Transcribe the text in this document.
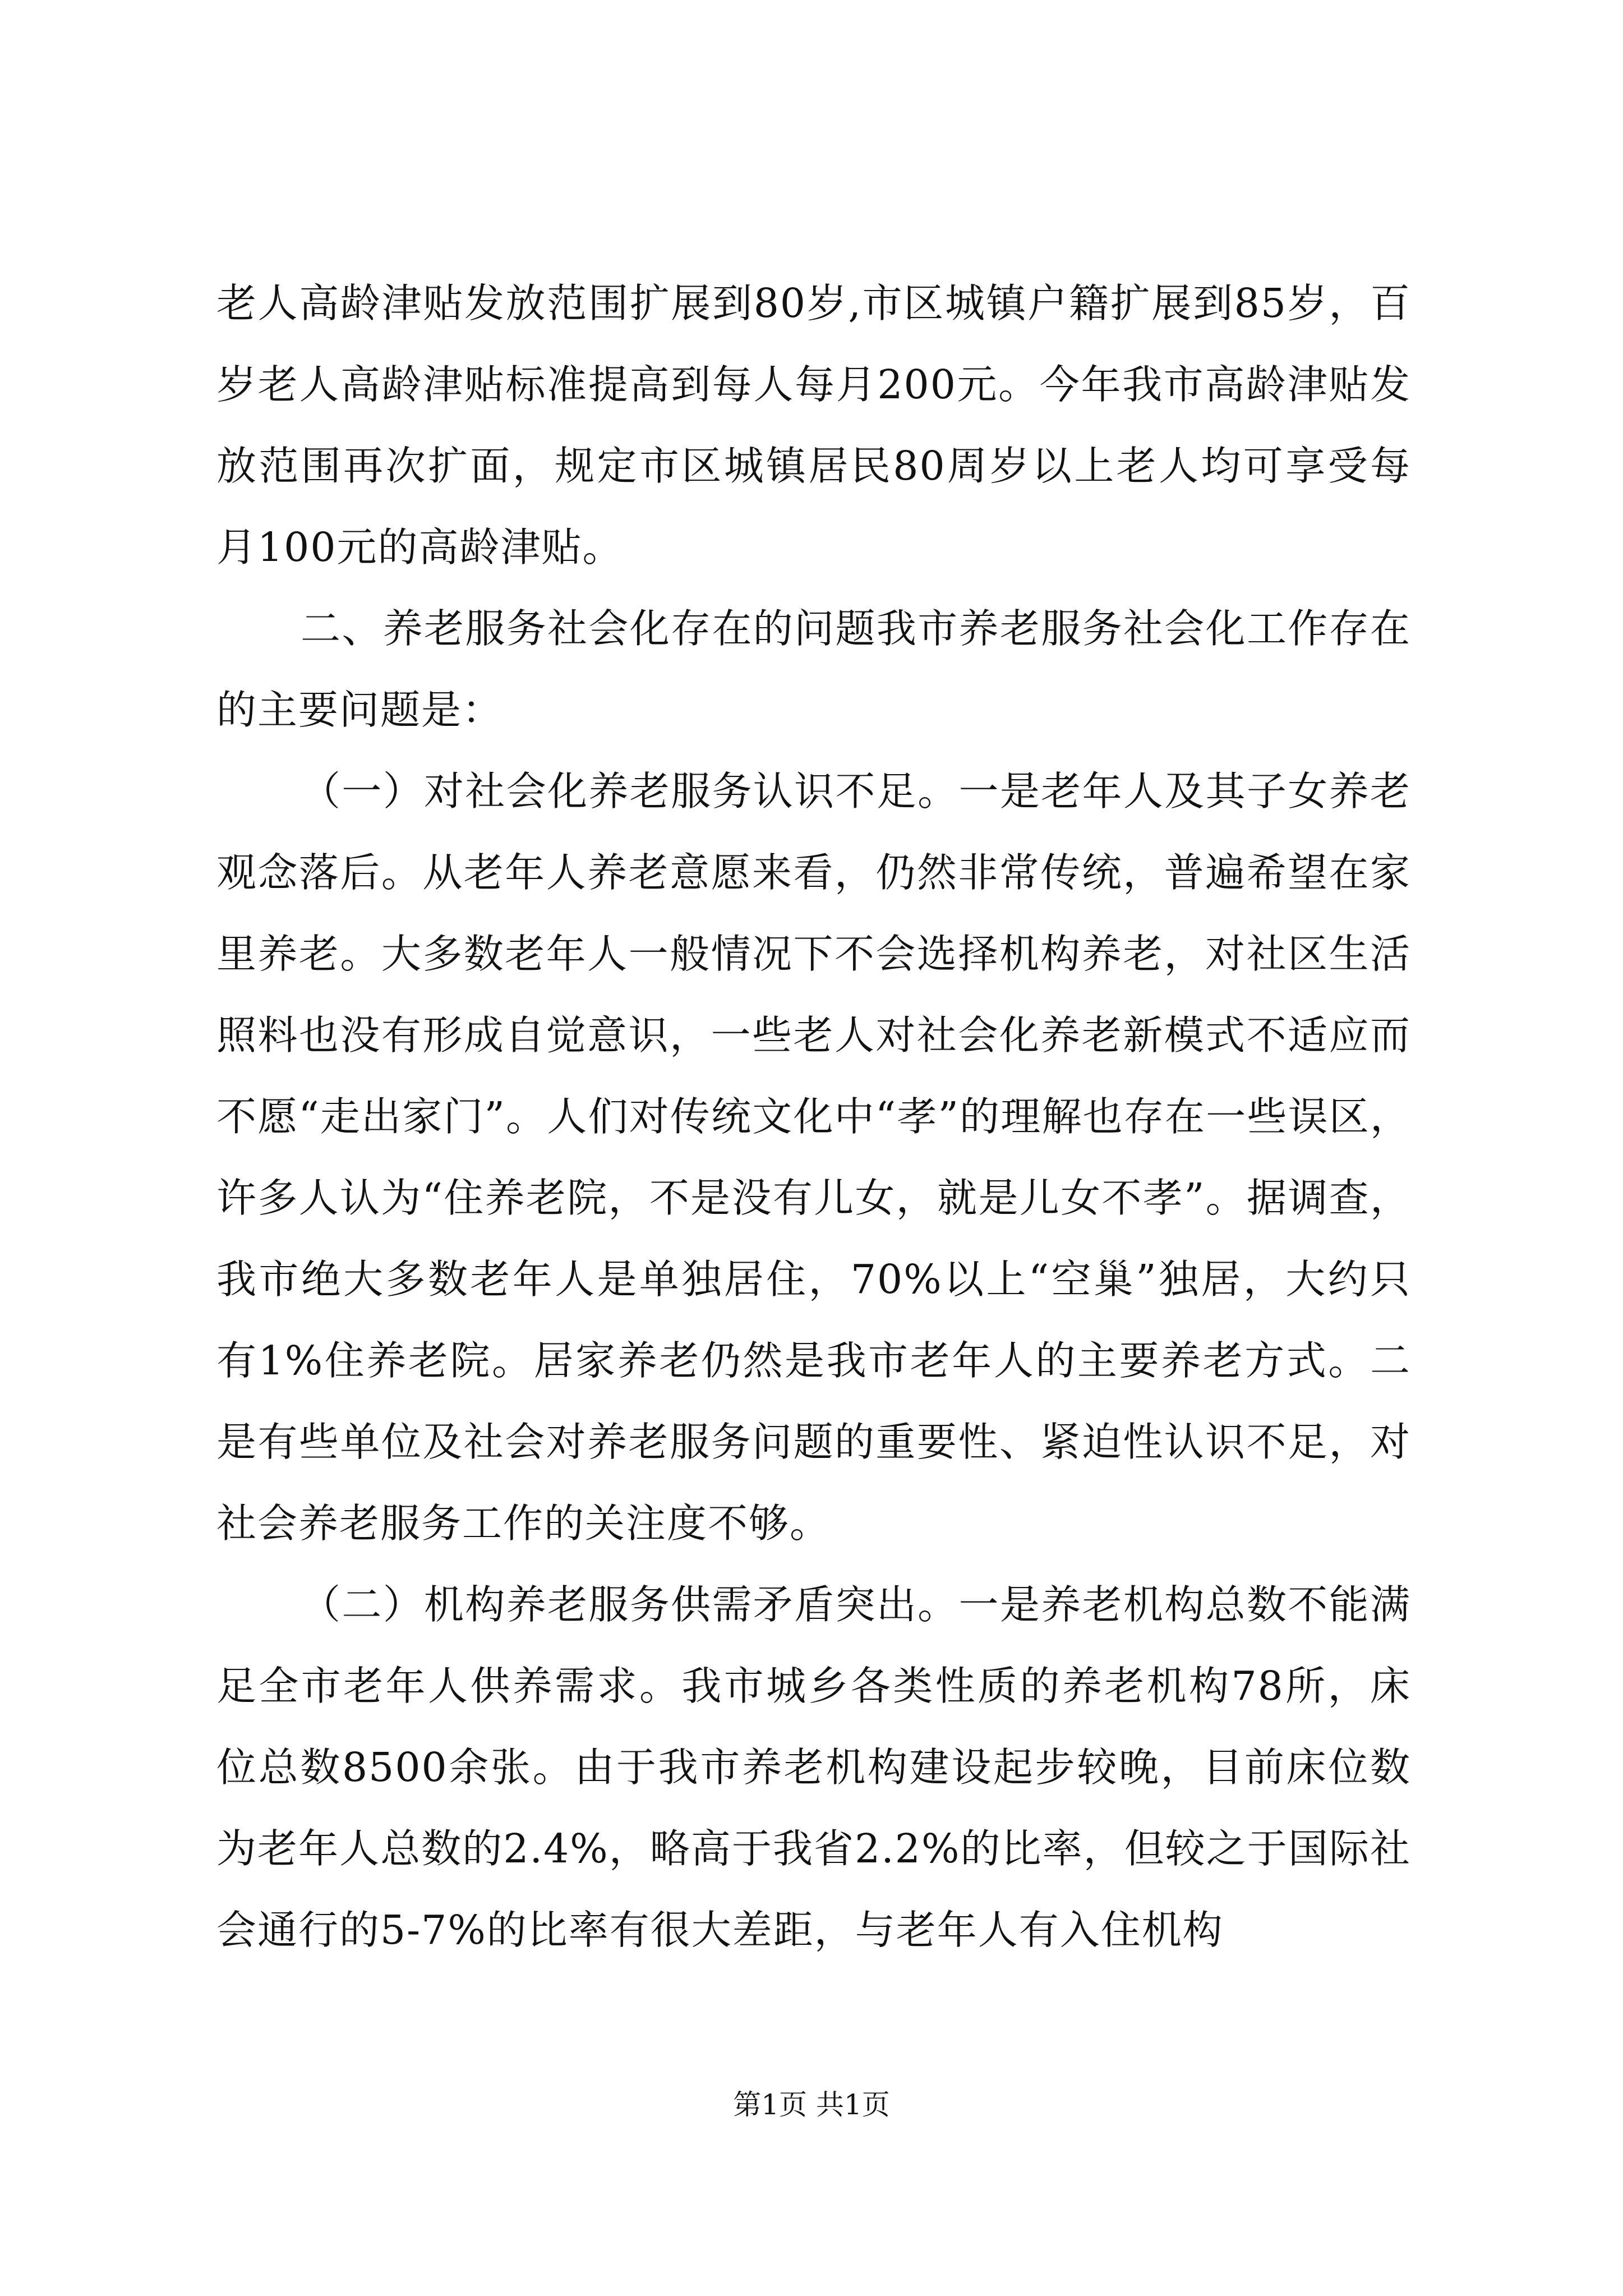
老人高龄津贴发放范围扩展到80岁,市区城镇户籍扩展到85岁，百岁老人高龄津贴标准提高到每人每月200元。今年我市高龄津贴发放范围再次扩面，规定市区城镇居民80周岁以上老人均可享受每月100元的高龄津贴。

二、养老服务社会化存在的问题我市养老服务社会化工作存在的主要问题是：

（一）对社会化养老服务认识不足。一是老年人及其子女养老观念落后。从老年人养老意愿来看，仍然非常传统，普遍希望在家里养老。大多数老年人一般情况下不会选择机构养老，对社区生活照料也没有形成自觉意识，一些老人对社会化养老新模式不适应而不愿“走出家门”。人们对传统文化中“孝”的理解也存在一些误区，许多人认为“住养老院，不是没有儿女，就是儿女不孝”。据调查，我市绝大多数老年人是单独居住，70%以上“空巢”独居，大约只有1%住养老院。居家养老仍然是我市老年人的主要养老方式。二是有些单位及社会对养老服务问题的重要性、紧迫性认识不足，对社会养老服务工作的关注度不够。

（二）机构养老服务供需矛盾突出。一是养老机构总数不能满足全市老年人供养需求。我市城乡各类性质的养老机构78所，床位总数8500余张。由于我市养老机构建设起步较晚，目前床位数为老年人总数的2.4%，略高于我省2.2%的比率，但较之于国际社会通行的5-7%的比率有很大差距，与老年人有入住机构

第1页 共1页
